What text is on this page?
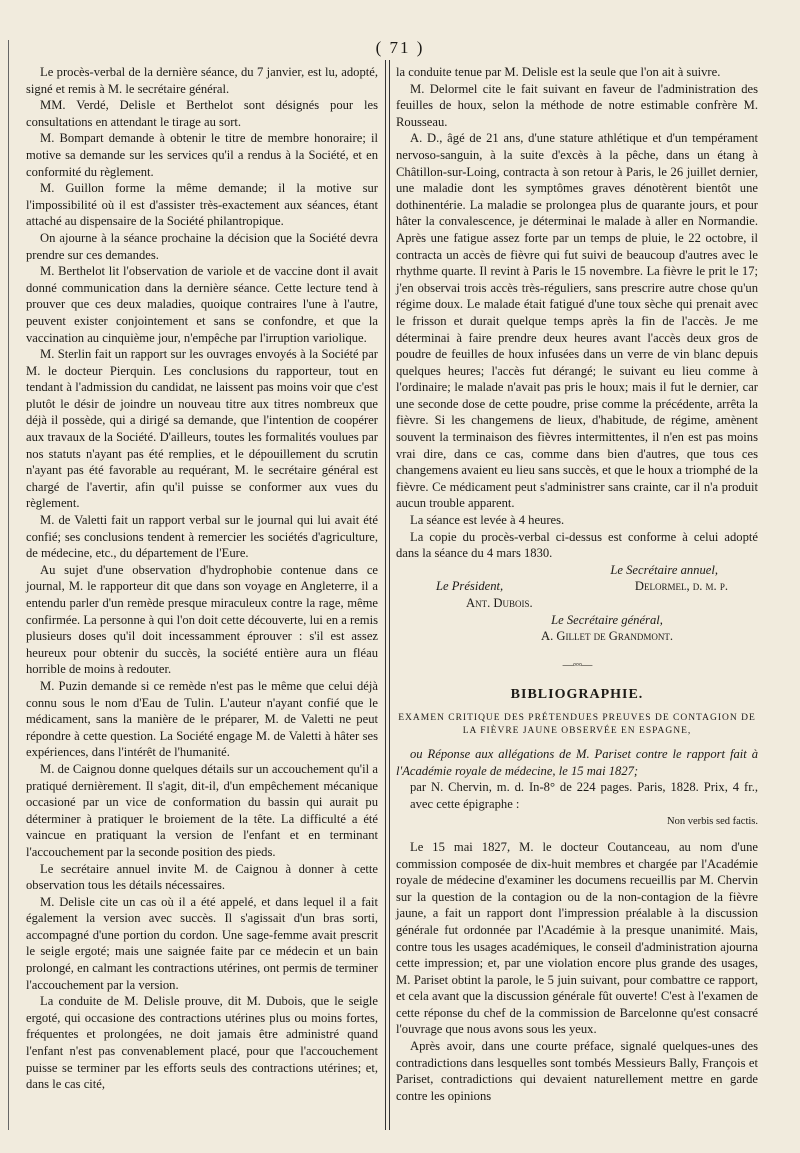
( 71 )

Le procès-verbal de la dernière séance, du 7 janvier, est lu, adopté, signé et remis à M. le secrétaire général.

MM. Verdé, Delisle et Berthelot sont désignés pour les consultations en attendant le tirage au sort.

M. Bompart demande à obtenir le titre de membre honoraire; il motive sa demande sur les services qu'il a rendus à la Société, et en conformité du règlement.

M. Guillon forme la même demande; il la motive sur l'impossibilité où il est d'assister très-exactement aux séances, étant attaché au dispensaire de la Société philantropique.

On ajourne à la séance prochaine la décision que la Société devra prendre sur ces demandes.

M. Berthelot lit l'observation de variole et de vaccine dont il avait donné communication dans la dernière séance. Cette lecture tend à prouver que ces deux maladies, quoique contraires l'une à l'autre, peuvent exister conjointement et sans se confondre, et que la vaccination au cinquième jour, n'empêche par l'irruption variolique.

M. Sterlin fait un rapport sur les ouvrages envoyés à la Société par M. le docteur Pierquin. Les conclusions du rapporteur, tout en tendant à l'admission du candidat, ne laissent pas moins voir que c'est plutôt le désir de joindre un nouveau titre aux titres nombreux que déjà il possède, qui a dirigé sa demande, que l'intention de coopérer aux travaux de la Société. D'ailleurs, toutes les formalités voulues par nos statuts n'ayant pas été remplies, et le dépouillement du scrutin n'ayant pas été favorable au requérant, M. le secrétaire général est chargé de l'avertir, afin qu'il puisse se conformer aux vues du règlement.

M. de Valetti fait un rapport verbal sur le journal qui lui avait été confié; ses conclusions tendent à remercier les sociétés d'agriculture, de médecine, etc., du département de l'Eure.

Au sujet d'une observation d'hydrophobie contenue dans ce journal, M. le rapporteur dit que dans son voyage en Angleterre, il a entendu parler d'un remède presque miraculeux contre la rage, même confirmée. La personne à qui l'on doit cette découverte, lui en a remis plusieurs doses qu'il doit incessamment éprouver : s'il est assez heureux pour obtenir du succès, la société entière aura un fléau horrible de moins à redouter.

M. Puzin demande si ce remède n'est pas le même que celui déjà connu sous le nom d'Eau de Tulin. L'auteur n'ayant confié que le médicament, sans la manière de le préparer, M. de Valetti ne peut répondre à cette question. La Société engage M. de Valetti à hâter ses expériences, dans l'intérêt de l'humanité.

M. de Caignou donne quelques détails sur un accouchement qu'il a pratiqué dernièrement. Il s'agit, dit-il, d'un empêchement mécanique occasioné par un vice de conformation du bassin qui aurait pu déterminer à pratiquer le broiement de la tête. La difficulté a été vaincue en pratiquant la version de l'enfant et en terminant l'accouchement par la seconde position des pieds.

Le secrétaire annuel invite M. de Caignou à donner à cette observation tous les détails nécessaires.

M. Delisle cite un cas où il a été appelé, et dans lequel il a fait également la version avec succès. Il s'agissait d'un bras sorti, accompagné d'une portion du cordon. Une sage-femme avait prescrit le seigle ergoté; mais une saignée faite par ce médecin et un bain prolongé, en calmant les contractions utérines, ont permis de terminer l'accouchement par la version.

La conduite de M. Delisle prouve, dit M. Dubois, que le seigle ergoté, qui occasione des contractions utérines plus ou moins fortes, fréquentes et prolongées, ne doit jamais être administré quand l'enfant n'est pas convenablement placé, pour que l'accouchement puisse se terminer par les efforts seuls des contractions utérines; et, dans le cas cité,

la conduite tenue par M. Delisle est la seule que l'on ait à suivre.

M. Delormel cite le fait suivant en faveur de l'administration des feuilles de houx, selon la méthode de notre estimable confrère M. Rousseau.

A. D., âgé de 21 ans, d'une stature athlétique et d'un tempérament nervoso-sanguin, à la suite d'excès à la pêche, dans un étang à Châtillon-sur-Loing, contracta à son retour à Paris, le 26 juillet dernier, une maladie dont les symptômes graves dénotèrent bientôt une dothinentérie. La maladie se prolongea plus de quarante jours, et pour hâter la convalescence, je déterminai le malade à aller en Normandie. Après une fatigue assez forte par un temps de pluie, le 22 octobre, il contracta un accès de fièvre qui fut suivi de beaucoup d'autres avec le rhythme quarte. Il revint à Paris le 15 novembre. La fièvre le prit le 17; j'en observai trois accès très-réguliers, sans prescrire autre chose qu'un régime doux. Le malade était fatigué d'une toux sèche qui prenait avec le frisson et durait quelque temps après la fin de l'accès. Je me déterminai à faire prendre deux heures avant l'accès deux gros de poudre de feuilles de houx infusées dans un verre de vin blanc depuis quelques heures; l'accès fut dérangé; le suivant eu lieu comme à l'ordinaire; le malade n'avait pas pris le houx; mais il fut le dernier, car une seconde dose de cette poudre, prise comme la précédente, arrêta la fièvre. Si les changemens de lieux, d'habitude, de régime, amènent souvent la terminaison des fièvres intermittentes, il n'en est pas moins vrai dire, dans ce cas, comme dans bien d'autres, que tous ces changemens avaient eu lieu sans succès, et que le houx a triomphé de la fièvre. Ce médicament peut s'administrer sans crainte, car il n'a produit aucun trouble apparent.

La séance est levée à 4 heures.

La copie du procès-verbal ci-dessus est conforme à celui adopté dans la séance du 4 mars 1830.

Le Secrétaire annuel,
Le Président,	Delormel, d. m. p.
Ant. Dubois.
Le Secrétaire général,
A. Gillet de Grandmont.
—◦◦◦—
BIBLIOGRAPHIE.
EXAMEN CRITIQUE DES PRÉTENDUES PREUVES DE CONTAGION DE LA FIÈVRE JAUNE OBSERVÉE EN ESPAGNE,

ou Réponse aux allégations de M. Pariset contre le rapport fait à l'Académie royale de médecine, le 15 mai 1827;

par N. Chervin, m. d. In-8° de 224 pages. Paris, 1828. Prix, 4 fr., avec cette épigraphe :

Non verbis sed factis.

Le 15 mai 1827, M. le docteur Coutanceau, au nom d'une commission composée de dix-huit membres et chargée par l'Académie royale de médecine d'examiner les documens recueillis par M. Chervin sur la question de la contagion ou de la non-contagion de la fièvre jaune, a fait un rapport dont l'impression préalable à la discussion générale fut ordonnée par l'Académie à la presque unanimité. Mais, contre tous les usages académiques, le conseil d'administration ajourna cette impression; et, par une violation encore plus grande des usages, M. Pariset obtint la parole, le 5 juin suivant, pour combattre ce rapport, et cela avant que la discussion générale fût ouverte! C'est à l'examen de cette réponse du chef de la commission de Barcelonne qu'est consacré l'ouvrage que nous avons sous les yeux.

Après avoir, dans une courte préface, signalé quelques-unes des contradictions dans lesquelles sont tombés Messieurs Bally, François et Pariset, contradictions qui devaient naturellement mettre en garde contre les opinions
